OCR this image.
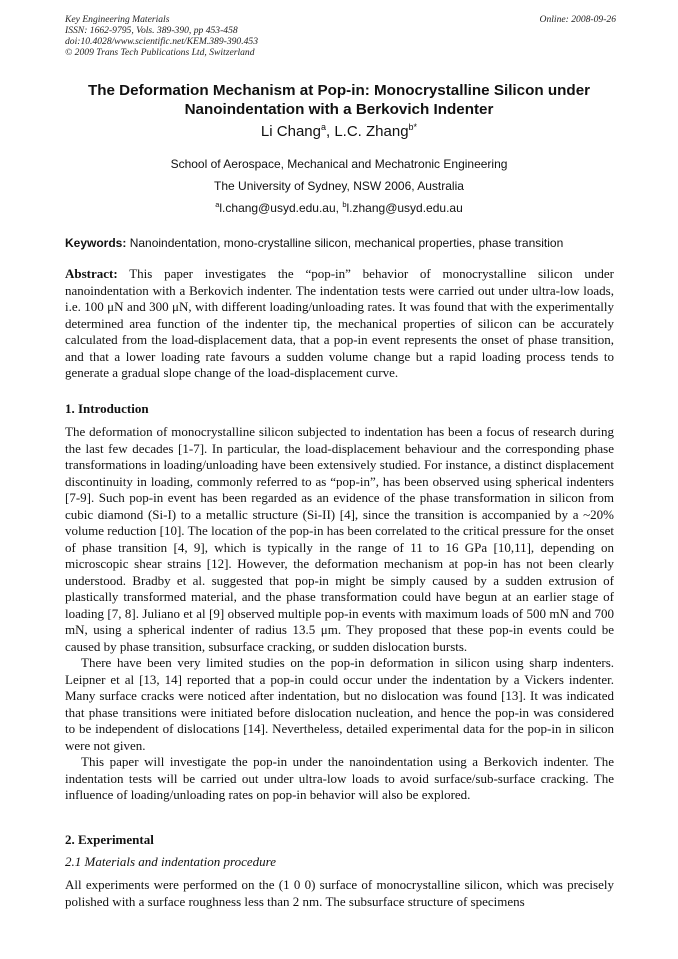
Key Engineering Materials
ISSN: 1662-9795, Vols. 389-390, pp 453-458
doi:10.4028/www.scientific.net/KEM.389-390.453
© 2009 Trans Tech Publications Ltd, Switzerland
Online: 2008-09-26
The Deformation Mechanism at Pop-in: Monocrystalline Silicon under
Nanoindentation with a Berkovich Indenter
Li Chang$^a$, L.C. Zhang$^{b*}$
School of Aerospace, Mechanical and Mechatronic Engineering
The University of Sydney, NSW 2006, Australia
$^a$l.chang@usyd.edu.au, $^b$l.zhang@usyd.edu.au
Keywords: Nanoindentation, mono-crystalline silicon, mechanical properties, phase transition
Abstract: This paper investigates the “pop-in” behavior of monocrystalline silicon under nanoindentation with a Berkovich indenter. The indentation tests were carried out under ultra-low loads, i.e. 100 μN and 300 μN, with different loading/unloading rates. It was found that with the experimentally determined area function of the indenter tip, the mechanical properties of silicon can be accurately calculated from the load-displacement data, that a pop-in event represents the onset of phase transition, and that a lower loading rate favours a sudden volume change but a rapid loading process tends to generate a gradual slope change of the load-displacement curve.
1. Introduction

The deformation of monocrystalline silicon subjected to indentation has been a focus of research during the last few decades [1-7]. In particular, the load-displacement behaviour and the corresponding phase transformations in loading/unloading have been extensively studied. For instance, a distinct displacement discontinuity in loading, commonly referred to as “pop-in”, has been observed using spherical indenters [7-9]. Such pop-in event has been regarded as an evidence of the phase transformation in silicon from cubic diamond (Si-I) to a metallic structure (Si-II) [4], since the transition is accompanied by a ~20% volume reduction [10]. The location of the pop-in has been correlated to the critical pressure for the onset of phase transition [4, 9], which is typically in the range of 11 to 16 GPa [10,11], depending on microscopic shear strains [12]. However, the deformation mechanism at pop-in has not been clearly understood. Bradby et al. suggested that pop-in might be simply caused by a sudden extrusion of plastically transformed material, and the phase transformation could have begun at an earlier stage of loading [7, 8]. Juliano et al [9] observed multiple pop-in events with maximum loads of 500 mN and 700 mN, using a spherical indenter of radius 13.5 μm. They proposed that these pop-in events could be caused by phase transition, subsurface cracking, or sudden dislocation bursts.

There have been very limited studies on the pop-in deformation in silicon using sharp indenters. Leipner et al [13, 14] reported that a pop-in could occur under the indentation by a Vickers indenter. Many surface cracks were noticed after indentation, but no dislocation was found [13]. It was indicated that phase transitions were initiated before dislocation nucleation, and hence the pop-in was considered to be independent of dislocations [14]. Nevertheless, detailed experimental data for the pop-in in silicon were not given.

This paper will investigate the pop-in under the nanoindentation using a Berkovich indenter. The indentation tests will be carried out under ultra-low loads to avoid surface/sub-surface cracking. The influence of loading/unloading rates on pop-in behavior will also be explored.

2. Experimental
2.1 Materials and indentation procedure

All experiments were performed on the (1 0 0) surface of monocrystalline silicon, which was precisely polished with a surface roughness less than 2 nm. The subsurface structure of specimens
